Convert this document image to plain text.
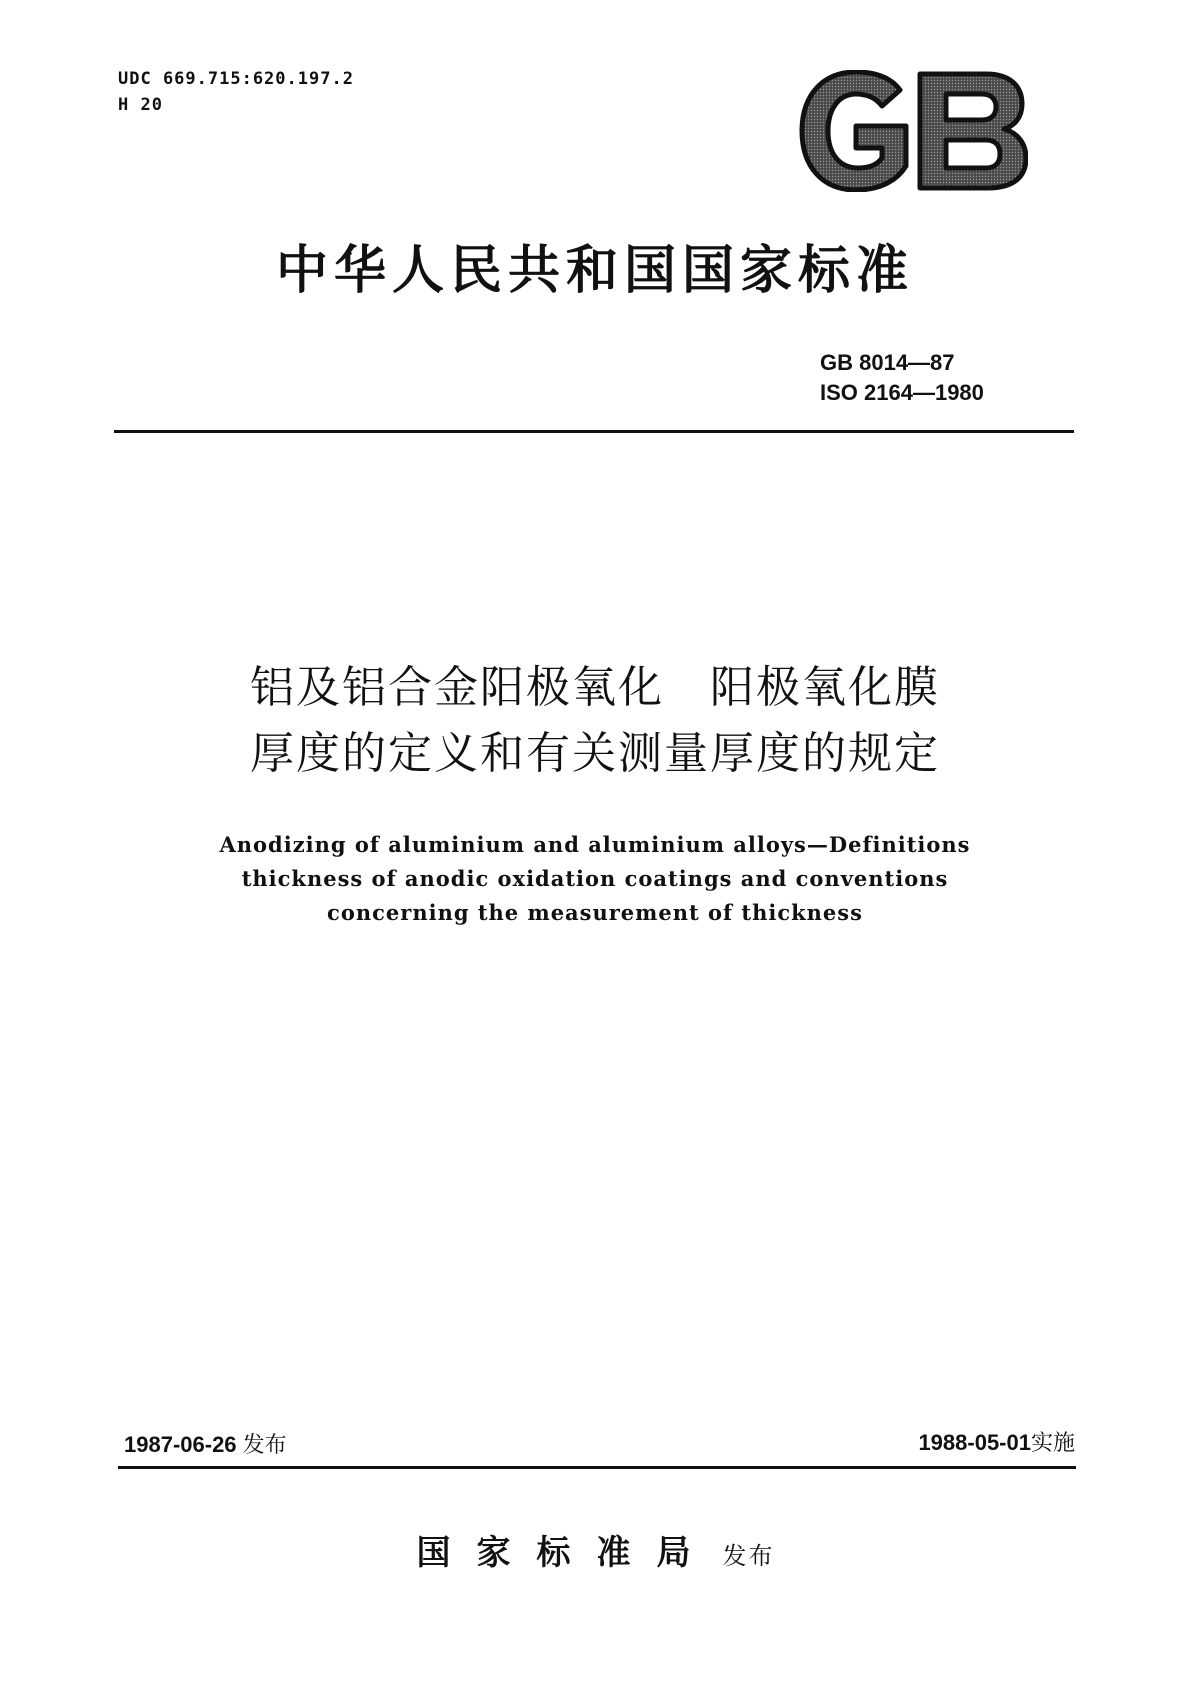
UDC 669.715:620.197.2
H 20
中华人民共和国国家标准
GB 8014—87
ISO 2164—1980
铝及铝合金阳极氧化　阳极氧化膜
厚度的定义和有关测量厚度的规定
Anodizing of aluminium and aluminium alloys—Definitions
thickness of anodic oxidation coatings and conventions
concerning the measurement of thickness
1987-06-26 发布	1988-05-01实施
国家标准局 发布
